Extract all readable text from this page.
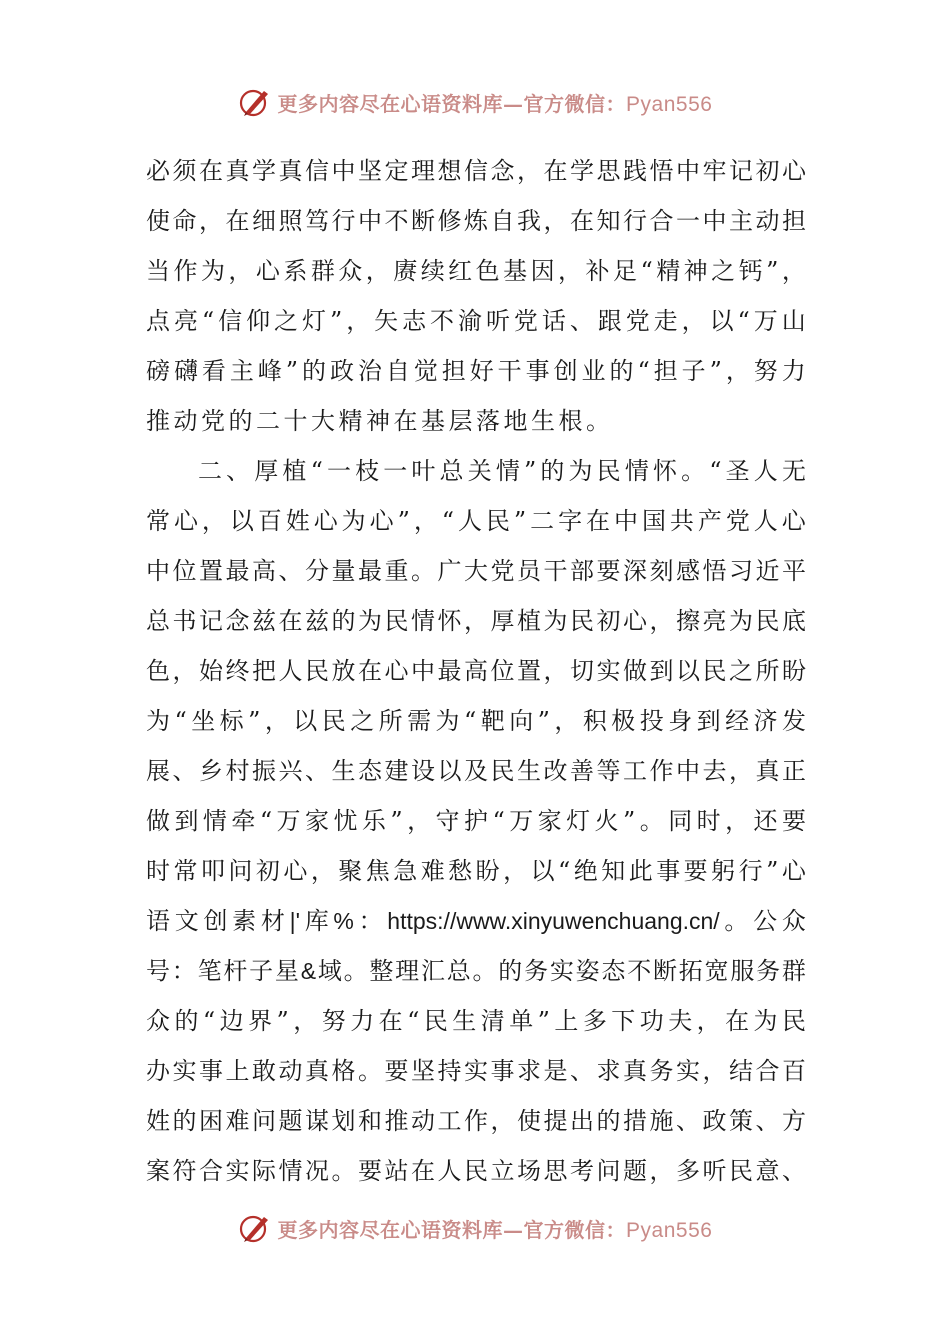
更多内容尽在心语资料库—官方微信：Pyan556
必 须 在 真 学 真 信 中 坚 定 理 想 信 念 ， 在 学 思 践 悟 中 牢 记 初 心
使 命 ， 在 细 照 笃 行 中 不 断 修 炼 自 我 ， 在 知 行 合 一 中 主 动 担
当 作 为 ， 心 系 群 众 ， 赓 续 红 色 基 因 ， 补 足 “ 精 神 之 钙 ” ，
点 亮 “ 信 仰 之 灯 ” ， 矢 志 不 渝 听 党 话 、 跟 党 走 ， 以 “ 万 山
磅 礴 看 主 峰 ” 的 政 治 自 觉 担 好 干 事 创 业 的 “ 担 子 ” ， 努 力
推 动 党 的 二 十 大 精 神 在 基 层 落 地 生 根 。
二 、 厚 植 “ 一 枝 一 叶 总 关 情 ” 的 为 民 情 怀 。 “ 圣 人 无
常 心 ， 以 百 姓 心 为 心 ” ， “ 人 民 ” 二 字 在 中 国 共 产 党 人 心
中 位 置 最 高 、 分 量 最 重 。 广 大 党 员 干 部 要 深 刻 感 悟 习 近 平
总 书 记 念 兹 在 兹 的 为 民 情 怀 ， 厚 植 为 民 初 心 ， 擦 亮 为 民 底
色 ， 始 终 把 人 民 放 在 心 中 最 高 位 置 ， 切 实 做 到 以 民 之 所 盼
为 “ 坐 标 ” ， 以 民 之 所 需 为 “ 靶 向 ” ， 积 极 投 身 到 经 济 发
展 、 乡 村 振 兴 、 生 态 建 设 以 及 民 生 改 善 等 工 作 中 去 ， 真 正
做 到 情 牵 “ 万 家 忧 乐 ” ， 守 护 “ 万 家 灯 火 ” 。 同 时 ， 还 要
时 常 叩 问 初 心 ， 聚 焦 急 难 愁 盼 ， 以 “ 绝 知 此 事 要 躬 行 ” 心
语 文 创 素 材 |' 库 % ： https://www.xinyuwenchuang.cn/ 。 公 众
号 ： 笔 杆 子 星 & 域 。 整 理 汇 总 。 的 务 实 姿 态 不 断 拓 宽 服 务 群
众 的 “ 边 界 ” ， 努 力 在 “ 民 生 清 单 ” 上 多 下 功 夫 ， 在 为 民
办 实 事 上 敢 动 真 格 。 要 坚 持 实 事 求 是 、 求 真 务 实 ， 结 合 百
姓 的 困 难 问 题 谋 划 和 推 动 工 作 ， 使 提 出 的 措 施 、 政 策 、 方
案 符 合 实 际 情 况 。 要 站 在 人 民 立 场 思 考 问 题 ， 多 听 民 意 、
更多内容尽在心语资料库—官方微信：Pyan556
